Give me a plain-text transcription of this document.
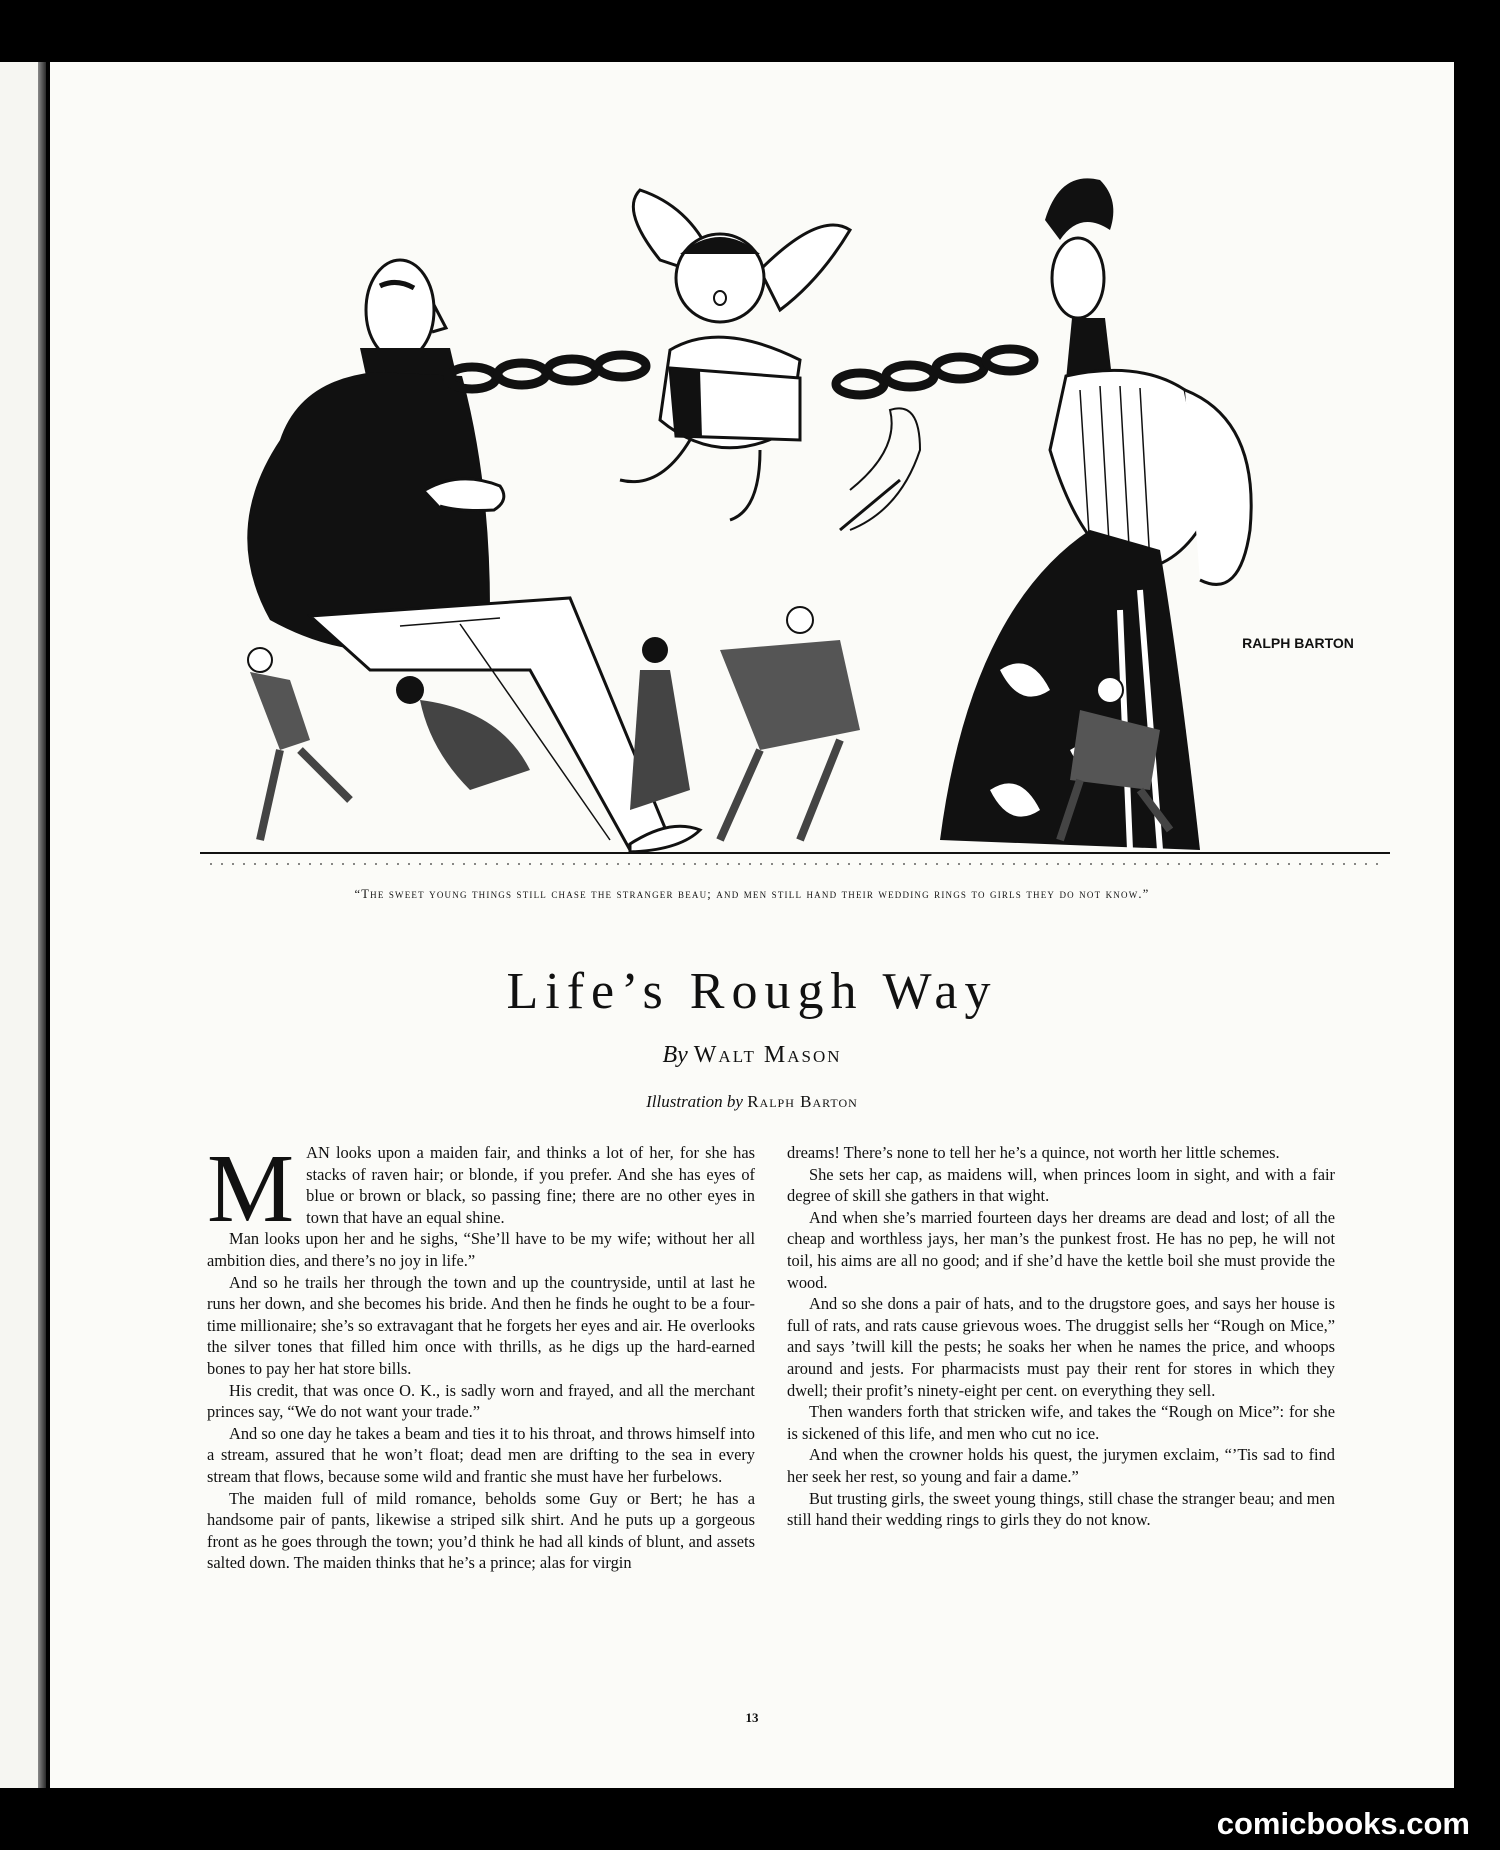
RALPH BARTON
“The sweet young things still chase the stranger beau; and men still hand their wedding rings to girls they do not know.”
Life’s Rough Way
By Walt Mason
Illustration by Ralph Barton

MAN looks upon a maiden fair, and thinks a lot of her, for she has stacks of raven hair; or blonde, if you prefer. And she has eyes of blue or brown or black, so passing fine; there are no other eyes in town that have an equal shine.

Man looks upon her and he sighs, “She’ll have to be my wife; without her all ambition dies, and there’s no joy in life.”

And so he trails her through the town and up the countryside, until at last he runs her down, and she becomes his bride. And then he finds he ought to be a four-time millionaire; she’s so extravagant that he forgets her eyes and air. He overlooks the silver tones that filled him once with thrills, as he digs up the hard-earned bones to pay her hat store bills.

His credit, that was once O. K., is sadly worn and frayed, and all the merchant princes say, “We do not want your trade.”

And so one day he takes a beam and ties it to his throat, and throws himself into a stream, assured that he won’t float; dead men are drifting to the sea in every stream that flows, because some wild and frantic she must have her furbelows.

The maiden full of mild romance, beholds some Guy or Bert; he has a handsome pair of pants, likewise a striped silk shirt. And he puts up a gorgeous front as he goes through the town; you’d think he had all kinds of blunt, and assets salted down. The maiden thinks that he’s a prince; alas for virgin

dreams! There’s none to tell her he’s a quince, not worth her little schemes.

She sets her cap, as maidens will, when princes loom in sight, and with a fair degree of skill she gathers in that wight.

And when she’s married fourteen days her dreams are dead and lost; of all the cheap and worthless jays, her man’s the punkest frost. He has no pep, he will not toil, his aims are all no good; and if she’d have the kettle boil she must provide the wood.

And so she dons a pair of hats, and to the drugstore goes, and says her house is full of rats, and rats cause grievous woes. The druggist sells her “Rough on Mice,” and says ’twill kill the pests; he soaks her when he names the price, and whoops around and jests. For pharmacists must pay their rent for stores in which they dwell; their profit’s ninety-eight per cent. on everything they sell.

Then wanders forth that stricken wife, and takes the “Rough on Mice”: for she is sickened of this life, and men who cut no ice.

And when the crowner holds his quest, the jurymen exclaim, “’Tis sad to find her seek her rest, so young and fair a dame.”

But trusting girls, the sweet young things, still chase the stranger beau; and men still hand their wedding rings to girls they do not know.

13
comicbooks.com
